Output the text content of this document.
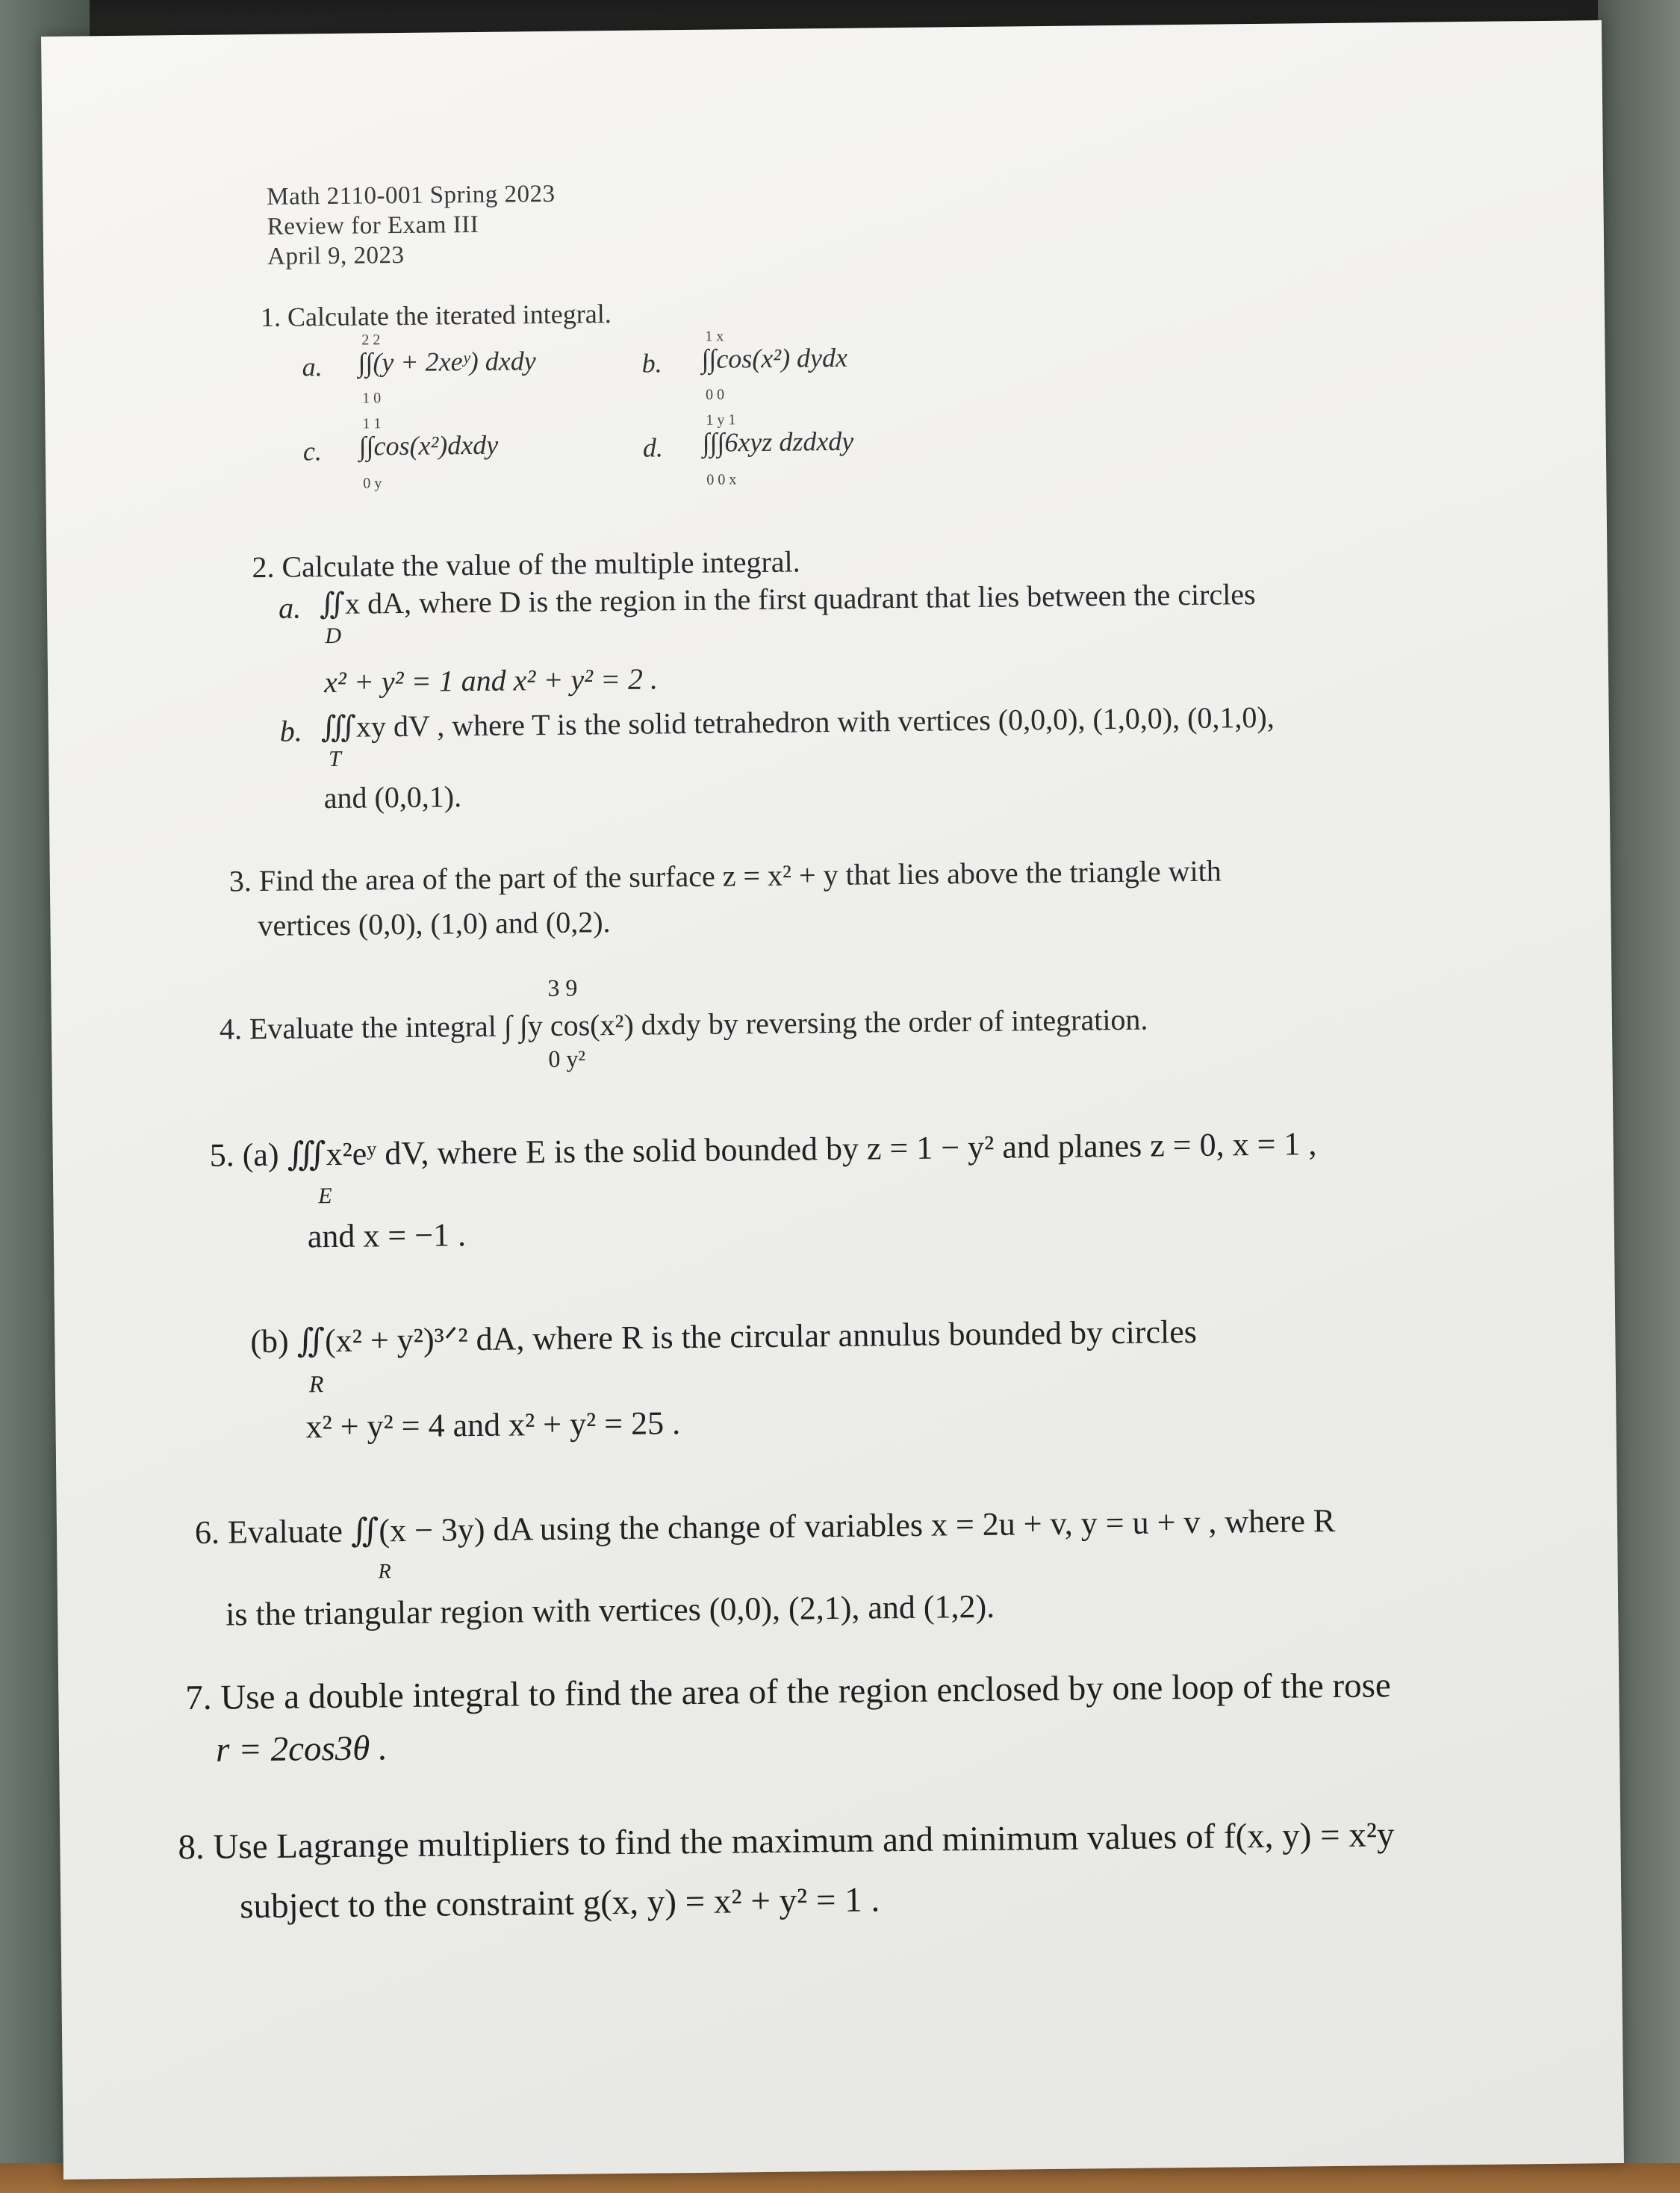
Math 2110-001 Spring 2023
Review for Exam III
April 9, 2023
1. Calculate the iterated integral.
2 2
a. ∫∫(y + 2xeʸ) dxdy
1 0
1 x
b. ∫∫cos(x²) dydx
0 0
1 1
c. ∫∫cos(x²)dxdy
0 y
1 y 1
d. ∫∫∫6xyz dzdxdy
0 0 x
2. Calculate the value of the multiple integral.
a. ∬x dA, where D is the region in the first quadrant that lies between the circles
D
x² + y² = 1 and x² + y² = 2 .
b. ∭xy dV , where T is the solid tetrahedron with vertices (0,0,0), (1,0,0), (0,1,0),
T
and (0,0,1).
3. Find the area of the part of the surface z = x² + y that lies above the triangle with
vertices (0,0), (1,0) and (0,2).
3 9
4. Evaluate the integral ∫ ∫y cos(x²) dxdy by reversing the order of integration.
0 y²
5. (a) ∭x²eʸ dV, where E is the solid bounded by z = 1 − y² and planes z = 0, x = 1 ,
E
and x = −1 .
(b) ∬(x² + y²)³ᐟ² dA, where R is the circular annulus bounded by circles
R
x² + y² = 4 and x² + y² = 25 .
6. Evaluate ∬(x − 3y) dA using the change of variables x = 2u + v, y = u + v , where R
R
is the triangular region with vertices (0,0), (2,1), and (1,2).
7. Use a double integral to find the area of the region enclosed by one loop of the rose
r = 2cos3θ .
8. Use Lagrange multipliers to find the maximum and minimum values of f(x, y) = x²y
subject to the constraint g(x, y) = x² + y² = 1 .
